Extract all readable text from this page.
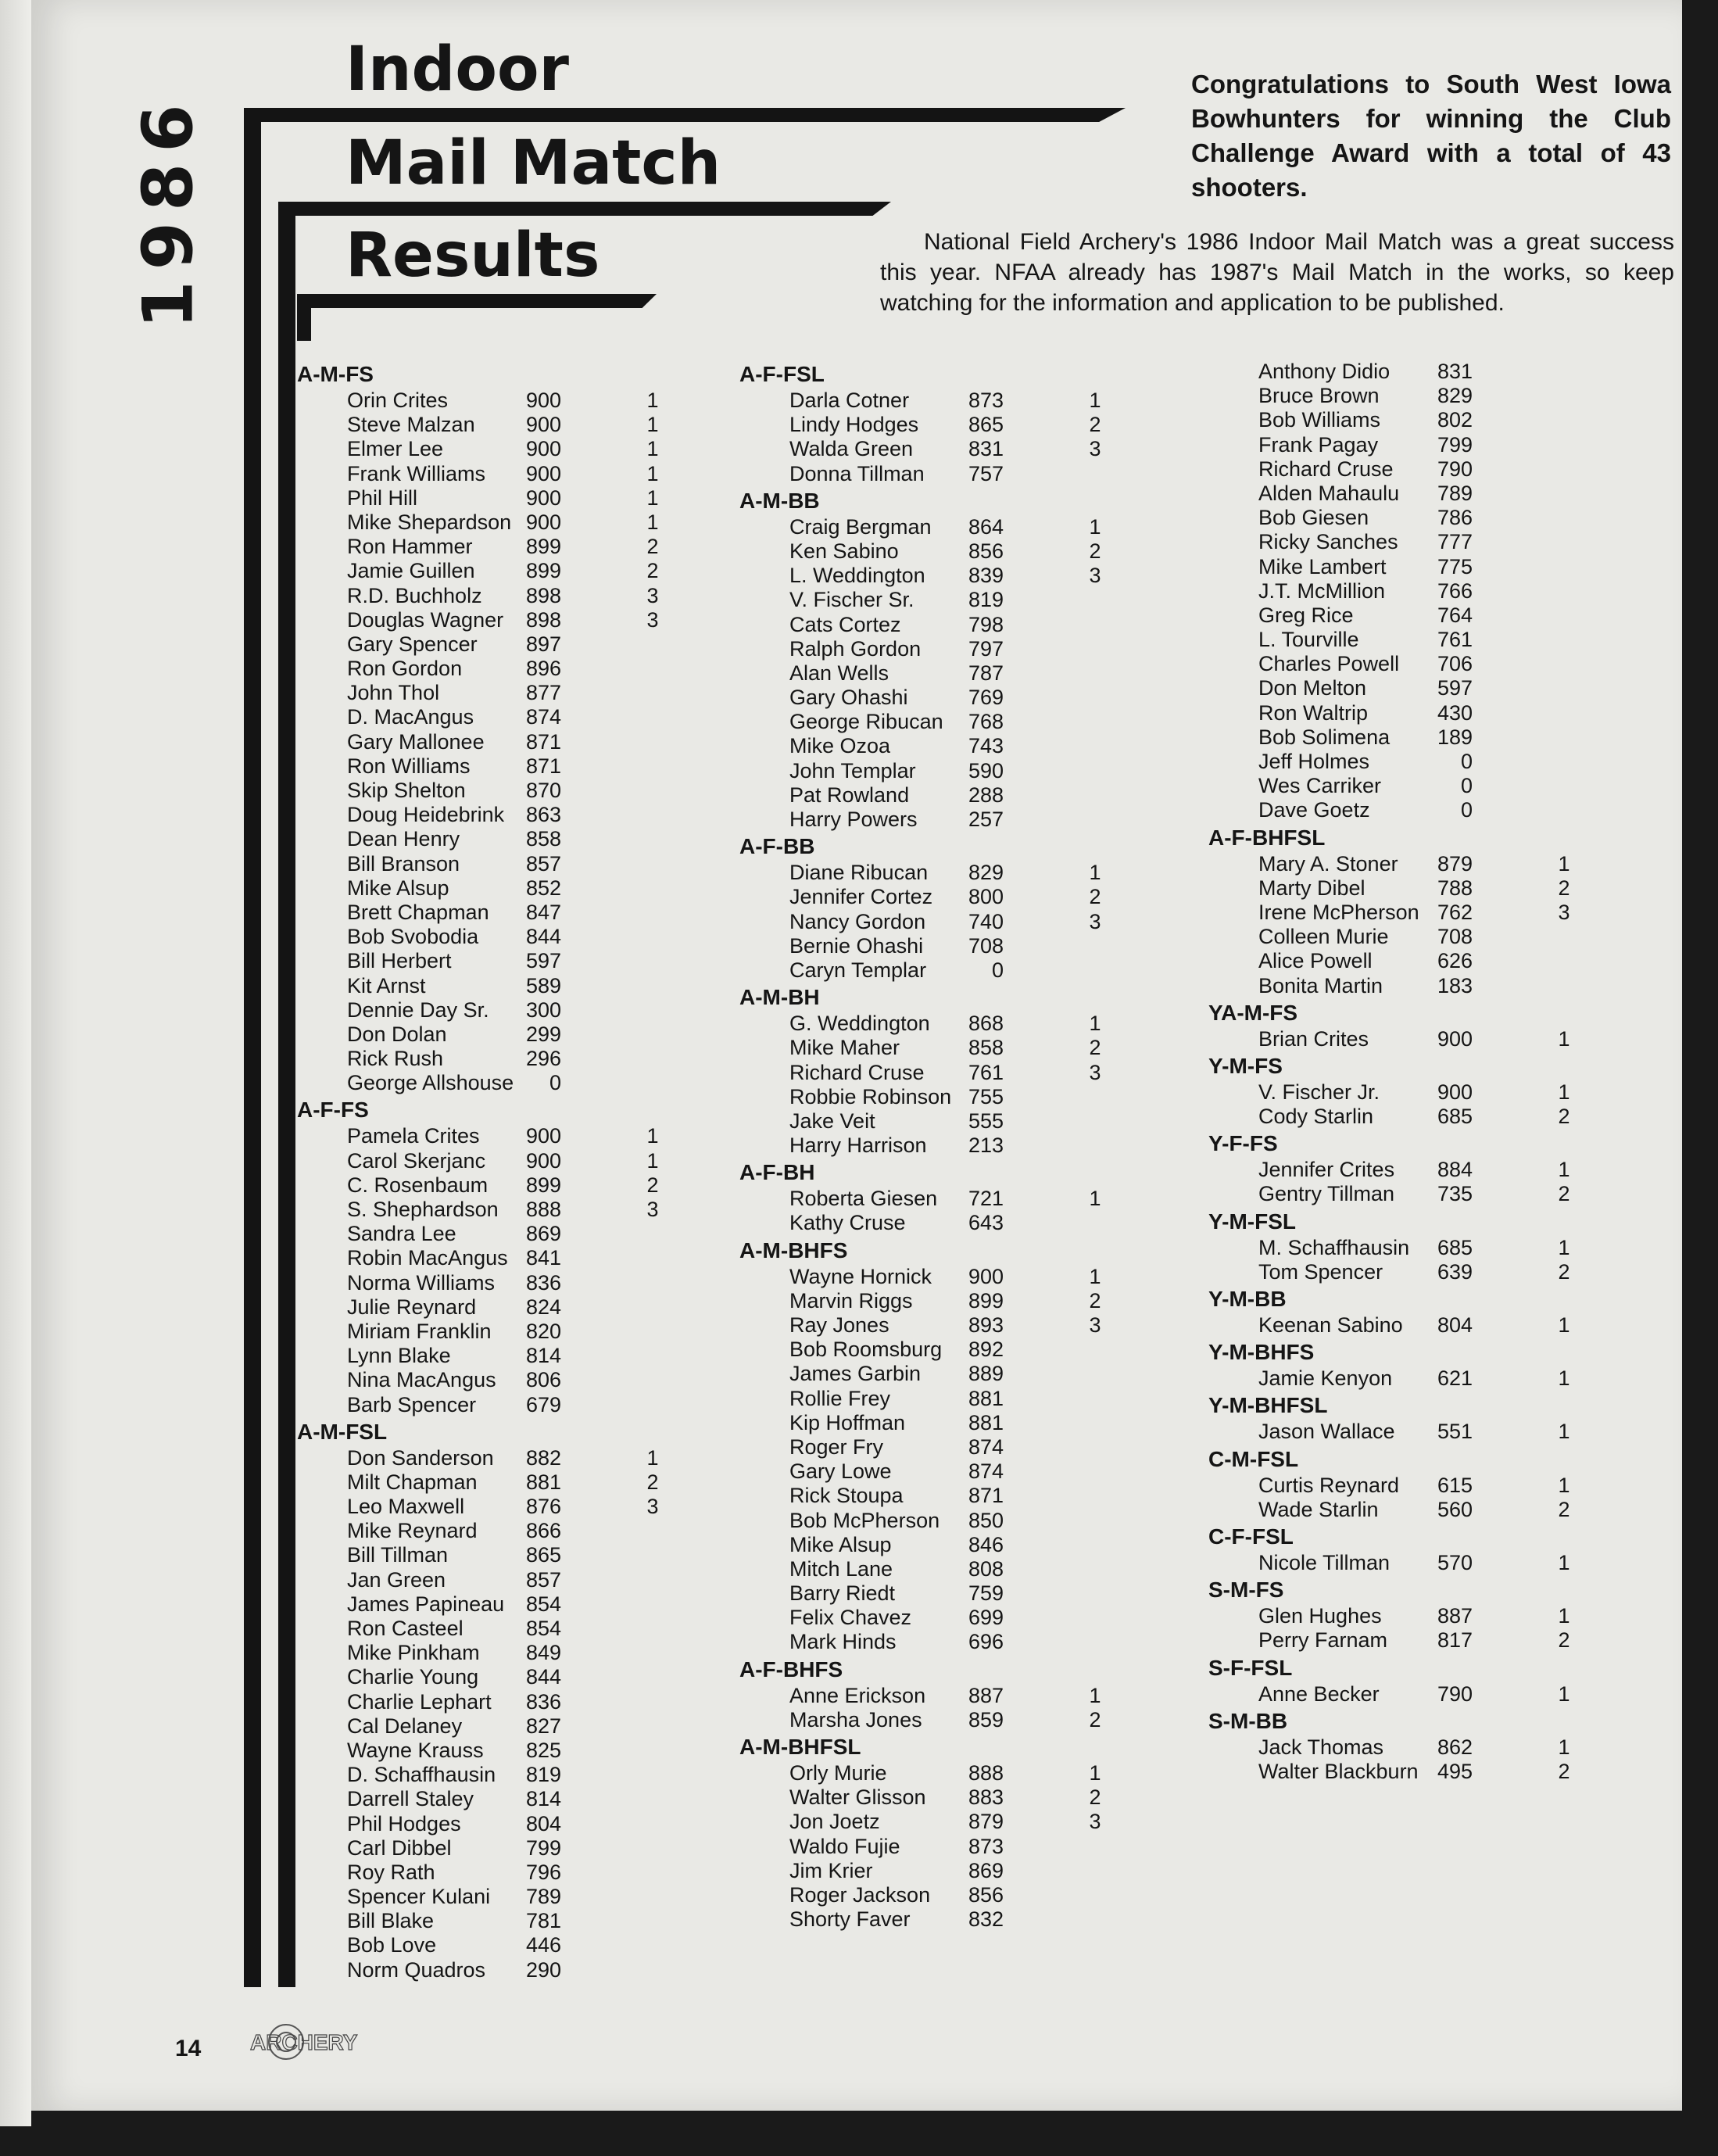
1986
Indoor
Mail Match
Results
Congratulations to South West Iowa Bowhunters for winning the Club Challenge Award with a total of 43 shooters.
National Field Archery's 1986 Indoor Mail Match was a great success this year. NFAA already has 1987's Mail Match in the works, so keep watching for the information and application to be published.
A-M-FS
Orin Crites	900	1
Steve Malzan	900	1
Elmer Lee	900	1
Frank Williams	900	1
Phil Hill	900	1
Mike Shepardson 900	1
Ron Hammer	899	2
Jamie Guillen	899	2
R.D. Buchholz	898	3
Douglas Wagner	898	3
Gary Spencer	897
Ron Gordon	896
John Thol	877
D. MacAngus	874
Gary Mallonee	871
Ron Williams	871
Skip Shelton	870
Doug Heidebrink	863
Dean Henry	858
Bill Branson	857
Mike Alsup	852
Brett Chapman	847
Bob Svobodia	844
Bill Herbert	597
Kit Arnst	589
Dennie Day Sr.	300
Don Dolan	299
Rick Rush	296
George Allshouse	0
A-F-FS
Pamela Crites	900	1
Carol Skerjanc	900	1
C. Rosenbaum	899	2
S. Shephardson	888	3
Sandra Lee	869
Robin MacAngus 841
Norma Williams	836
Julie Reynard	824
Miriam Franklin	820
Lynn Blake	814
Nina MacAngus	806
Barb Spencer	679
A-M-FSL
Don Sanderson	882	1
Milt Chapman	881	2
Leo Maxwell	876	3
Mike Reynard	866
Bill Tillman	865
Jan Green	857
James Papineau	854
Ron Casteel	854
Mike Pinkham	849
Charlie Young	844
Charlie Lephart	836
Cal Delaney	827
Wayne Krauss	825
D. Schaffhausin	819
Darrell Staley	814
Phil Hodges	804
Carl Dibbel	799
Roy Rath	796
Spencer Kulani	789
Bill Blake	781
Bob Love	446
Norm Quadros	290
A-F-FSL
Darla Cotner	873	1
Lindy Hodges	865	2
Walda Green	831	3
Donna Tillman	757
A-M-BB
Craig Bergman	864	1
Ken Sabino	856	2
L. Weddington	839	3
V. Fischer Sr.	819
Cats Cortez	798
Ralph Gordon	797
Alan Wells	787
Gary Ohashi	769
George Ribucan	768
Mike Ozoa	743
John Templar	590
Pat Rowland	288
Harry Powers	257
A-F-BB
Diane Ribucan	829	1
Jennifer Cortez	800	2
Nancy Gordon	740	3
Bernie Ohashi	708
Caryn Templar	0
A-M-BH
G. Weddington	868	1
Mike Maher	858	2
Richard Cruse	761	3
Robbie Robinson 755
Jake Veit	555
Harry Harrison	213
A-F-BH
Roberta Giesen	721	1
Kathy Cruse	643
A-M-BHFS
Wayne Hornick	900	1
Marvin Riggs	899	2
Ray Jones	893	3
Bob Roomsburg	892
James Garbin	889
Rollie Frey	881
Kip Hoffman	881
Roger Fry	874
Gary Lowe	874
Rick Stoupa	871
Bob McPherson	850
Mike Alsup	846
Mitch Lane	808
Barry Riedt	759
Felix Chavez	699
Mark Hinds	696
A-F-BHFS
Anne Erickson	887	1
Marsha Jones	859	2
A-M-BHFSL
Orly Murie	888	1
Walter Glisson	883	2
Jon Joetz	879	3
Waldo Fujie	873
Jim Krier	869
Roger Jackson	856
Shorty Faver	832
Anthony Didio	831
Bruce Brown	829
Bob Williams	802
Frank Pagay	799
Richard Cruse	790
Alden Mahaulu	789
Bob Giesen	786
Ricky Sanches	777
Mike Lambert	775
J.T. McMillion	766
Greg Rice	764
L. Tourville	761
Charles Powell	706
Don Melton	597
Ron Waltrip	430
Bob Solimena	189
Jeff Holmes	0
Wes Carriker	0
Dave Goetz	0
A-F-BHFSL
Mary A. Stoner	879	1
Marty Dibel	788	2
Irene McPherson 762	3
Colleen Murie	708
Alice Powell	626
Bonita Martin	183
YA-M-FS
Brian Crites	900	1
Y-M-FS
V. Fischer Jr.	900	1
Cody Starlin	685	2
Y-F-FS
Jennifer Crites	884	1
Gentry Tillman	735	2
Y-M-FSL
M. Schaffhausin	685	1
Tom Spencer	639	2
Y-M-BB
Keenan Sabino	804	1
Y-M-BHFS
Jamie Kenyon	621	1
Y-M-BHFSL
Jason Wallace	551	1
C-M-FSL
Curtis Reynard	615	1
Wade Starlin	560	2
C-F-FSL
Nicole Tillman	570	1
S-M-FS
Glen Hughes	887	1
Perry Farnam	817	2
S-F-FSL
Anne Becker	790	1
S-M-BB
Jack Thomas	862	1
Walter Blackburn 495	2
14 ARCHERY
